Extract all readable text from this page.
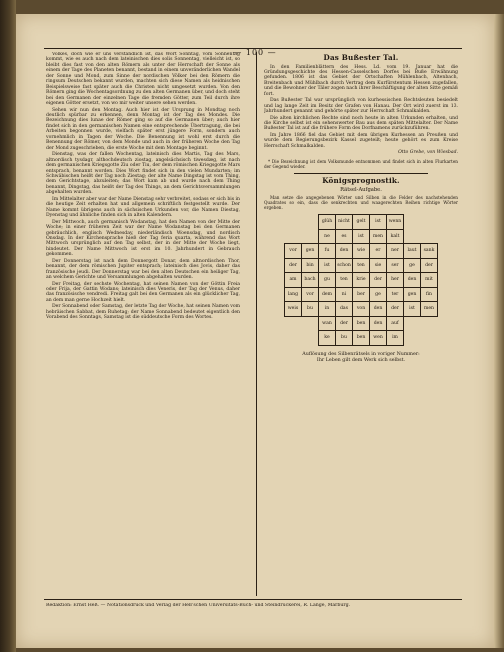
— 100 —

Volkes, doch wie er uns verständlich ist, das Wort Sonntag, vom Sonnentag kommt, wie es auch nach dem lateinischen dies solis Sonnentag, vielleicht ist, so bleibt dies fast von den alten Römern als unter der Herrschaft der Sonne als einem der Tage des Planeten benannt, bestand in einem unveränderlichen Wandel der Sonne und Mond, zum Sinne der nordischen Völker bei den Römern die ringsum Deutschen bekannt wurden, machten sich diese Namen als heidnischen Beispielsweise fast später auch die Christen nicht umgesetzt wurden. Von den Römern ging die Wochentagsordnung zu den alten Germanen über, und doch steht bei den Germanen der einzelnen Tage die fremden Götter, zum Teil durch ihre eigenen Götter ersetzt, von wo mir weiter unsere sehen werden.

Sehen wir nun den Montag. Auch hier ist der Ursprung in Mondtag noch deutlich spürbar zu erkennen, denn Montag ist der Tag des Mondes. Die Bezeichnung dies lunae der Römer ging so auf die Germanen über; auch hier findet sich in den germanischen Namen eine entsprechende Übertragung, die bei Arbeiten begonnen wurde, vielfach später erst jüngere Form, sondern auch vornehmlich in Tagen der Woche. Die Benennung ist wohl erst durch die Benennung der Römer, von dem Monde und auch in der früheren Woche den Tag der Mond zugeschrieben, die erste Woche mit dem Montage beginnt.

Dienstag, was der fallen Wochentag, lateinisch dies Martis, Tag des Mars, altnordisch tysdagr, althochdeutsch ziostag, angelsächsisch tiwesdæg, ist nach dem germanischen Kriegsgotte Ziu oder Tiu, der dem römischen Kriegsgotte Mars entsprach, benannt worden. Dies Wort findet sich in den vielen Mundarten; im Schwäbischen heißt der Tag noch Ziestag; der alte Name Dingstag ist vom Thing, dem Gerichtstage, abzuleiten; das Wort kam ab und wurde nach dem Thing benannt, Dingstag, das heißt der Tag des Things, an dem Gerichtsversammlungen abgehalten wurden.

Im Mittelalter aber war der Name Dienstag sehr verbreitet, sodass er sich bis in die heutige Zeit erhalten hat und allgemein schriftlich festgestellt wurde. Der Name kommt übrigens auch in sächsischen Urkunden vor, die Namen Diestag, Dyenstag und ähnliche finden sich in alten Kalendern.

Der Mittwoch, auch germanisch Wodanstag, hat den Namen von der Mitte der Woche; in einer früheren Zeit war der Name Wodanstag bei den Germanen gebräuchlich, englisch Wednesday, niederländisch Woensdag, und nordisch Onsdag. In der Kirchensprache hieß der Tag feria quarta, während das Wort Mittwoch ursprünglich auf den Tag selbst, der in der Mitte der Woche liegt, hindeutet. Der Name Mittwoch ist erst im 10. Jahrhundert in Gebrauch gekommen.

Der Donnerstag ist nach dem Donnergott Donar, dem altnordischen Thor, benannt, der dem römischen Jupiter entsprach; lateinisch dies Jovis, daher das französische jeudi. Der Donnerstag war bei den alten Deutschen ein heiliger Tag, an welchem Gerichte und Versammlungen abgehalten wurden.

Der Freitag, der sechste Wochentag, hat seinen Namen von der Göttin Freia oder Frija, der Gattin Wodans; lateinisch dies Veneris, der Tag der Venus, daher das französische vendredi. Freitag galt bei den Germanen als ein glücklicher Tag, an dem man gerne Hochzeit hielt.

Der Sonnabend oder Samstag, der letzte Tag der Woche, hat seinen Namen vom hebräischen Sabbat, dem Ruhetag; der Name Sonnabend bedeutet eigentlich den Vorabend des Sonntags, Samstag ist die süddeutsche Form des Wortes.

Das Bußester Tal.

In den Familienblättern des Hess. Ld. vom 19. Januar hat die Gründungsgeschichte des Hessen-Casselschen Dorfes bei Buße Erwähnung gefunden. 1806 ist das Gebiet der Ortschaften Mühlenbach, Altenbach, Breitenbach und Mühlbach durch Vertrag dem Kurfürstentum Hessen zugefallen, und die Bewohner der Täler zogen nach ihrer Beschäftigung der alten Sitte gemäß fort.

Das Bußester Tal war ursprünglich von kurhessischen Rechtsleuten besiedelt und lag lange Zeit im Besitz der Grafen von Hanau. Der Ort wird zuerst im 13. Jahrhundert genannt und gehörte später zur Herrschaft Schmalkalden.

Die alten kirchlichen Rechte sind noch heute in alten Urkunden erhalten, und die Kirche selbst ist ein sehenswerter Bau aus dem späten Mittelalter. Der Name Bußester Tal ist auf die frühere Form des Dorfnamens zurückzuführen.

Im Jahre 1866 fiel das Gebiet mit dem übrigen Kurhessen an Preußen und wurde dem Regierungsbezirk Kassel zugeteilt; heute gehört es zum Kreise Herrschaft Schmalkalden.

Otto Grebe, von Wiesbad.
* Die Bezeichnung ist dem Volksmunde entnommen und findet sich in alten Flurkarten der Gegend wieder.
Königsprognostik.
Rätsel-Aufgabe.

Man setze die angegebenen Wörter und Silben in die Felder des nachstehenden Quadrates so ein, dass die senkrechten und waagerechten Reihen richtige Wörter ergeben.

		glüh	nicht	gelt	ist	wenn		
		ne	es	ist	men	kalt		
vor	gen	fu	den	wie	er	ner	laut	sank
der	bin	ist	schon	ten	sie	ser	ge	der
am	bach	gu	ten	krie	der	her	den	mit
lang	vor	dem	ni	ber	ge	ter	gen	fin
weis	bu	in	das	von	den	der	ist	men
		wan	der	ben	den	auf		
		ke	bu	ben	wen	im		

Auflösung des Silbenrätsels in voriger Nummer:

Ihr Leben gilt dem Werk sich selbst.

Redaktion: Ernst Heß. — Notationsdruck und Verlag der Heß'schen Universitäts-Buch- und Steindruckerei, R. Lange, Marburg.
